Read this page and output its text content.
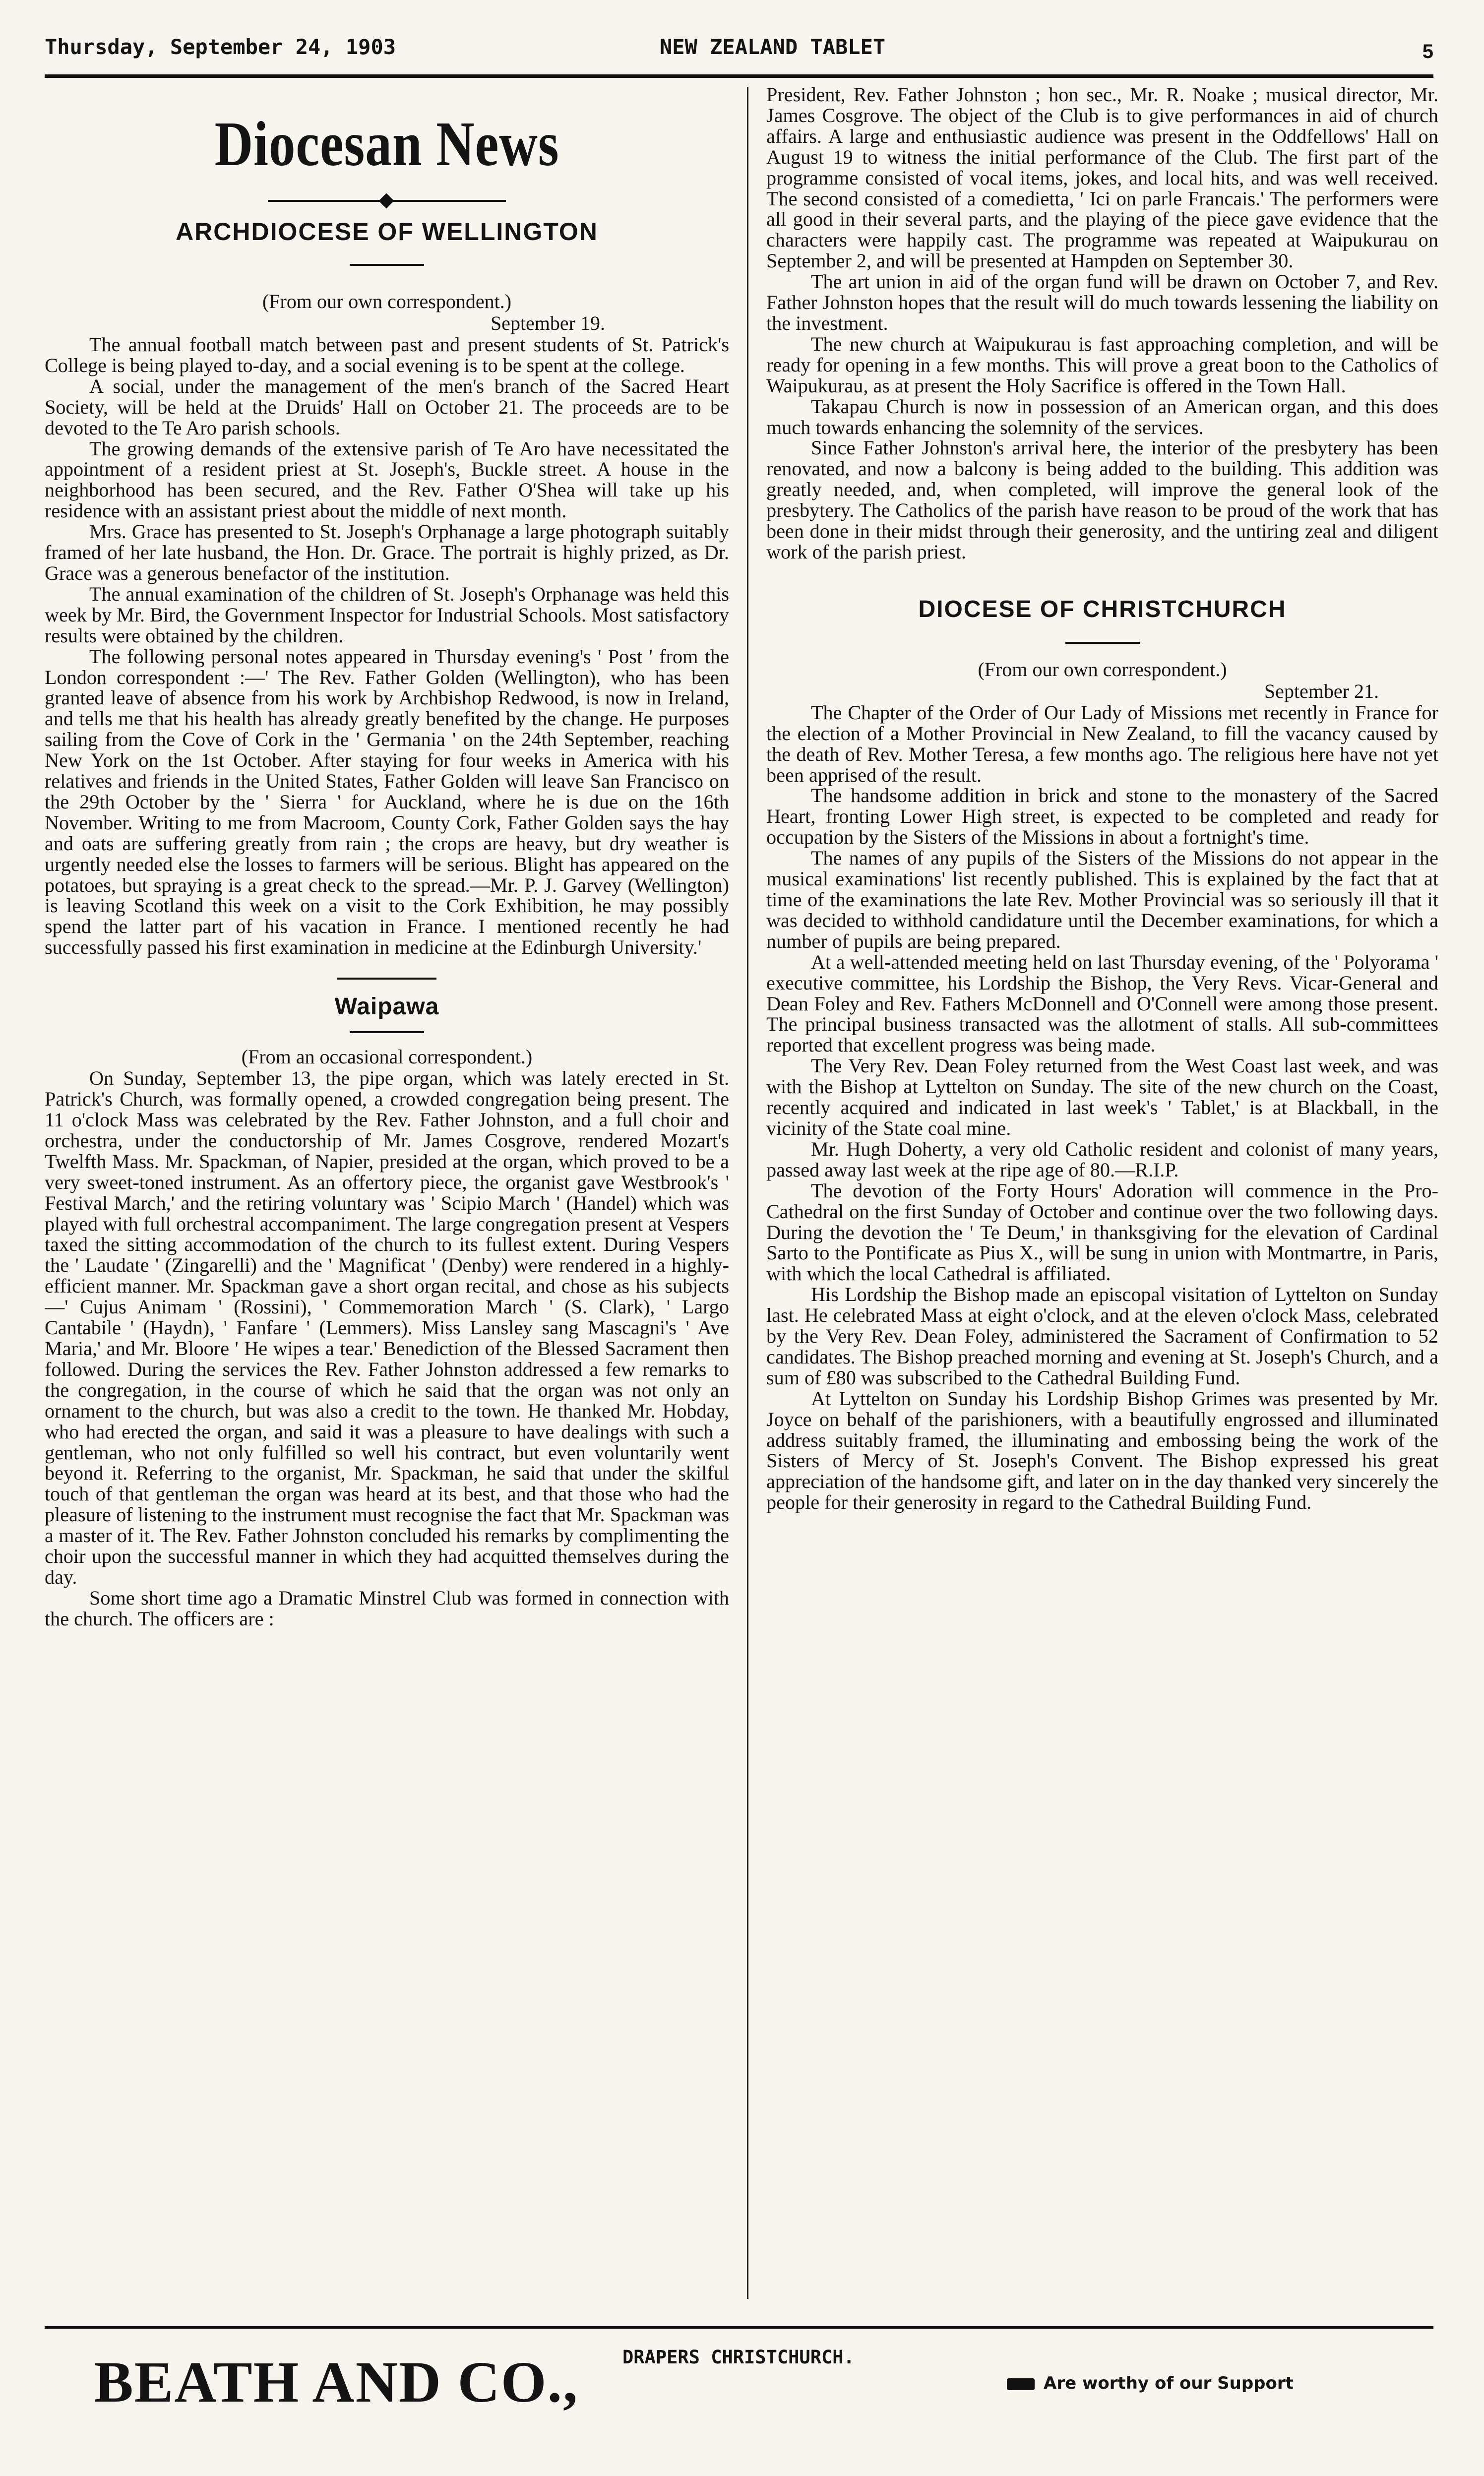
Thursday, September 24, 1903	NEW ZEALAND TABLET	5
Diocesan News
ARCHDIOCESE OF WELLINGTON
(From our own correspondent.)
September 19.

The annual football match between past and present students of St. Patrick's College is being played to-day, and a social evening is to be spent at the college.

A social, under the management of the men's branch of the Sacred Heart Society, will be held at the Druids' Hall on October 21. The proceeds are to be devoted to the Te Aro parish schools.

The growing demands of the extensive parish of Te Aro have necessitated the appointment of a resident priest at St. Joseph's, Buckle street. A house in the neighborhood has been secured, and the Rev. Father O'Shea will take up his residence with an assistant priest about the middle of next month.

Mrs. Grace has presented to St. Joseph's Orphanage a large photograph suitably framed of her late husband, the Hon. Dr. Grace. The portrait is highly prized, as Dr. Grace was a generous benefactor of the institution.

The annual examination of the children of St. Joseph's Orphanage was held this week by Mr. Bird, the Government Inspector for Industrial Schools. Most satisfactory results were obtained by the children.

The following personal notes appeared in Thursday evening's ' Post ' from the London correspondent :—' The Rev. Father Golden (Wellington), who has been granted leave of absence from his work by Archbishop Redwood, is now in Ireland, and tells me that his health has already greatly benefited by the change. He purposes sailing from the Cove of Cork in the ' Germania ' on the 24th September, reaching New York on the 1st October. After staying for four weeks in America with his relatives and friends in the United States, Father Golden will leave San Francisco on the 29th October by the ' Sierra ' for Auckland, where he is due on the 16th November. Writing to me from Macroom, County Cork, Father Golden says the hay and oats are suffering greatly from rain ; the crops are heavy, but dry weather is urgently needed else the losses to farmers will be serious. Blight has appeared on the potatoes, but spraying is a great check to the spread.—Mr. P. J. Garvey (Wellington) is leaving Scotland this week on a visit to the Cork Exhibition, he may possibly spend the latter part of his vacation in France. I mentioned recently he had successfully passed his first examination in medicine at the Edinburgh University.'

Waipawa
(From an occasional correspondent.)

On Sunday, September 13, the pipe organ, which was lately erected in St. Patrick's Church, was formally opened, a crowded congregation being present. The 11 o'clock Mass was celebrated by the Rev. Father Johnston, and a full choir and orchestra, under the conductorship of Mr. James Cosgrove, rendered Mozart's Twelfth Mass. Mr. Spackman, of Napier, presided at the organ, which proved to be a very sweet-toned instrument. As an offertory piece, the organist gave Westbrook's ' Festival March,' and the retiring voluntary was ' Scipio March ' (Handel) which was played with full orchestral accompaniment. The large congregation present at Vespers taxed the sitting accommodation of the church to its fullest extent. During Vespers the ' Laudate ' (Zingarelli) and the ' Magnificat ' (Denby) were rendered in a highly-efficient manner. Mr. Spackman gave a short organ recital, and chose as his subjects—' Cujus Animam ' (Rossini), ' Commemoration March ' (S. Clark), ' Largo Cantabile ' (Haydn), ' Fanfare ' (Lemmers). Miss Lansley sang Mascagni's ' Ave Maria,' and Mr. Bloore ' He wipes a tear.' Benediction of the Blessed Sacrament then followed. During the services the Rev. Father Johnston addressed a few remarks to the congregation, in the course of which he said that the organ was not only an ornament to the church, but was also a credit to the town. He thanked Mr. Hobday, who had erected the organ, and said it was a pleasure to have dealings with such a gentleman, who not only fulfilled so well his contract, but even voluntarily went beyond it. Referring to the organist, Mr. Spackman, he said that under the skilful touch of that gentleman the organ was heard at its best, and that those who had the pleasure of listening to the instrument must recognise the fact that Mr. Spackman was a master of it. The Rev. Father Johnston concluded his remarks by complimenting the choir upon the successful manner in which they had acquitted themselves during the day.

Some short time ago a Dramatic Minstrel Club was formed in connection with the church. The officers are :

President, Rev. Father Johnston ; hon sec., Mr. R. Noake ; musical director, Mr. James Cosgrove. The object of the Club is to give performances in aid of church affairs. A large and enthusiastic audience was present in the Oddfellows' Hall on August 19 to witness the initial performance of the Club. The first part of the programme consisted of vocal items, jokes, and local hits, and was well received. The second consisted of a comedietta, ' Ici on parle Francais.' The performers were all good in their several parts, and the playing of the piece gave evidence that the characters were happily cast. The programme was repeated at Waipukurau on September 2, and will be presented at Hampden on September 30.

The art union in aid of the organ fund will be drawn on October 7, and Rev. Father Johnston hopes that the result will do much towards lessening the liability on the investment.

The new church at Waipukurau is fast approaching completion, and will be ready for opening in a few months. This will prove a great boon to the Catholics of Waipukurau, as at present the Holy Sacrifice is offered in the Town Hall.

Takapau Church is now in possession of an American organ, and this does much towards enhancing the solemnity of the services.

Since Father Johnston's arrival here, the interior of the presbytery has been renovated, and now a balcony is being added to the building. This addition was greatly needed, and, when completed, will improve the general look of the presbytery. The Catholics of the parish have reason to be proud of the work that has been done in their midst through their generosity, and the untiring zeal and diligent work of the parish priest.

DIOCESE OF CHRISTCHURCH
(From our own correspondent.)
September 21.

The Chapter of the Order of Our Lady of Missions met recently in France for the election of a Mother Provincial in New Zealand, to fill the vacancy caused by the death of Rev. Mother Teresa, a few months ago. The religious here have not yet been apprised of the result.

The handsome addition in brick and stone to the monastery of the Sacred Heart, fronting Lower High street, is expected to be completed and ready for occupation by the Sisters of the Missions in about a fortnight's time.

The names of any pupils of the Sisters of the Missions do not appear in the musical examinations' list recently published. This is explained by the fact that at time of the examinations the late Rev. Mother Provincial was so seriously ill that it was decided to withhold candidature until the December examinations, for which a number of pupils are being prepared.

At a well-attended meeting held on last Thursday evening, of the ' Polyorama ' executive committee, his Lordship the Bishop, the Very Revs. Vicar-General and Dean Foley and Rev. Fathers McDonnell and O'Connell were among those present. The principal business transacted was the allotment of stalls. All sub-committees reported that excellent progress was being made.

The Very Rev. Dean Foley returned from the West Coast last week, and was with the Bishop at Lyttelton on Sunday. The site of the new church on the Coast, recently acquired and indicated in last week's ' Tablet,' is at Blackball, in the vicinity of the State coal mine.

Mr. Hugh Doherty, a very old Catholic resident and colonist of many years, passed away last week at the ripe age of 80.—R.I.P.

The devotion of the Forty Hours' Adoration will commence in the Pro-Cathedral on the first Sunday of October and continue over the two following days. During the devotion the ' Te Deum,' in thanksgiving for the elevation of Cardinal Sarto to the Pontificate as Pius X., will be sung in union with Montmartre, in Paris, with which the local Cathedral is affiliated.

His Lordship the Bishop made an episcopal visitation of Lyttelton on Sunday last. He celebrated Mass at eight o'clock, and at the eleven o'clock Mass, celebrated by the Very Rev. Dean Foley, administered the Sacrament of Confirmation to 52 candidates. The Bishop preached morning and evening at St. Joseph's Church, and a sum of £80 was subscribed to the Cathedral Building Fund.

At Lyttelton on Sunday his Lordship Bishop Grimes was presented by Mr. Joyce on behalf of the parishioners, with a beautifully engrossed and illuminated address suitably framed, the illuminating and embossing being the work of the Sisters of Mercy of St. Joseph's Convent. The Bishop expressed his great appreciation of the handsome gift, and later on in the day thanked very sincerely the people for their generosity in regard to the Cathedral Building Fund.

BEATH AND CO., DRAPERS CHRISTCHURCH.
Are worthy of our Support
